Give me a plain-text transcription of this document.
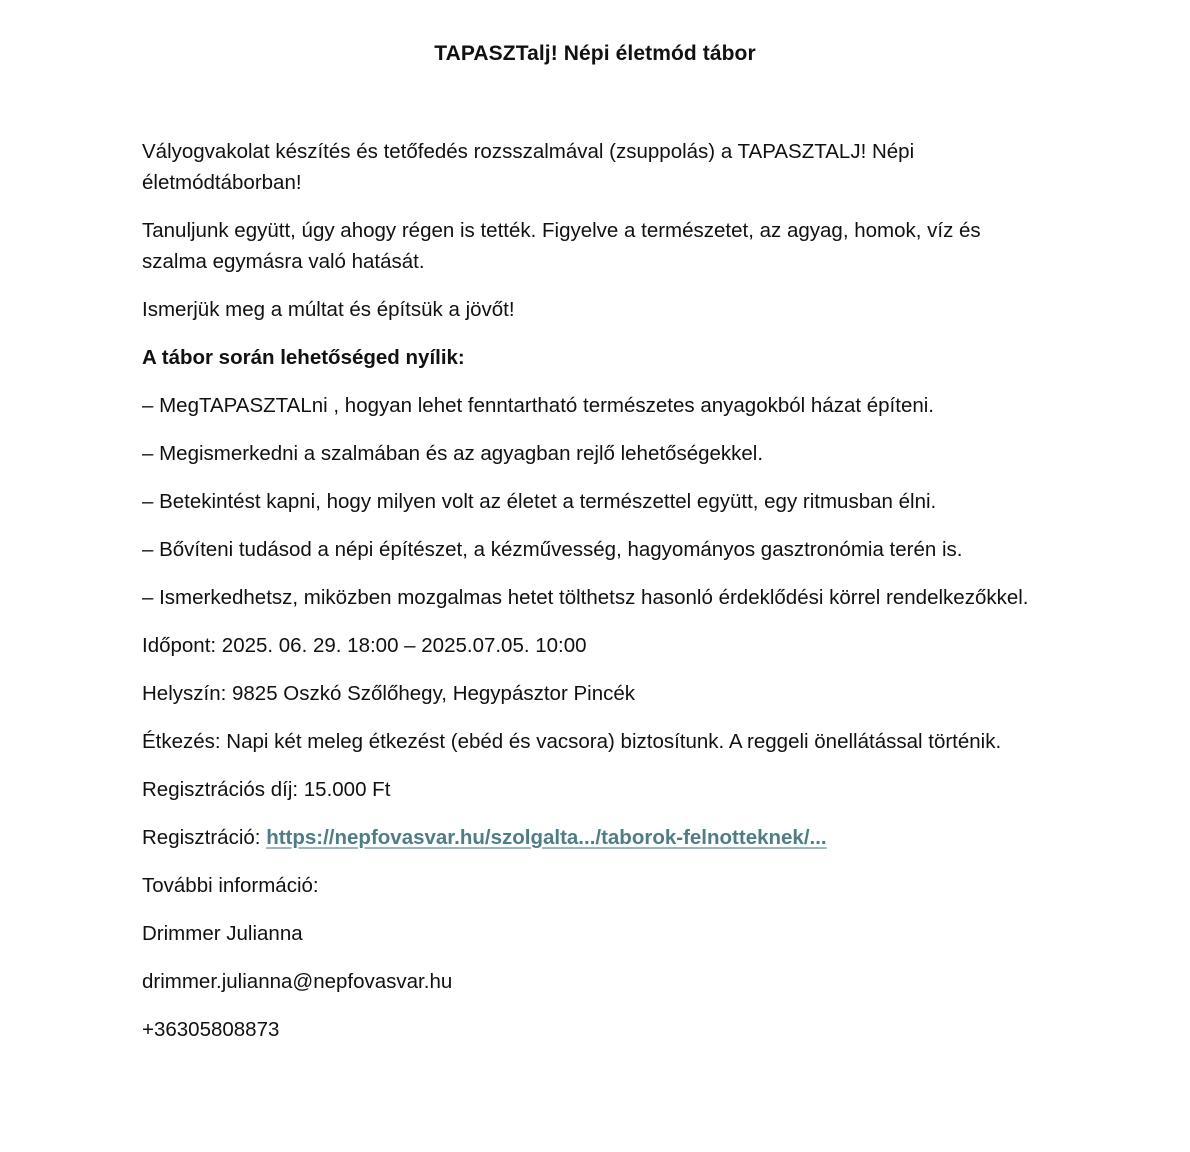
TAPASZTalj! Népi életmód tábor

Vályogvakolat készítés és tetőfedés rozsszalmával (zsuppolás) a TAPASZTALJ! Népi életmódtáborban!

Tanuljunk együtt, úgy ahogy régen is tették. Figyelve a természetet, az agyag, homok, víz és szalma egymásra való hatását.

Ismerjük meg a múltat és építsük a jövőt!

A tábor során lehetőséged nyílik:

– MegTAPASZTALni , hogyan lehet fenntartható természetes anyagokból házat építeni.

– Megismerkedni a szalmában és az agyagban rejlő lehetőségekkel.

– Betekintést kapni, hogy milyen volt az életet a természettel együtt, egy ritmusban élni.

– Bővíteni tudásod a népi építészet, a kézművesség, hagyományos gasztronómia terén is.

– Ismerkedhetsz, miközben mozgalmas hetet tölthetsz hasonló érdeklődési körrel rendelkezőkkel.

Időpont: 2025. 06. 29. 18:00 – 2025.07.05. 10:00

Helyszín: 9825 Oszkó Szőlőhegy, Hegypásztor Pincék

Étkezés: Napi két meleg étkezést (ebéd és vacsora) biztosítunk. A reggeli önellátással történik.

Regisztrációs díj: 15.000 Ft

Regisztráció: https://nepfovasvar.hu/szolgalta.../taborok-felnotteknek/...

További információ:

Drimmer Julianna

drimmer.julianna@nepfovasvar.hu

+36305808873
